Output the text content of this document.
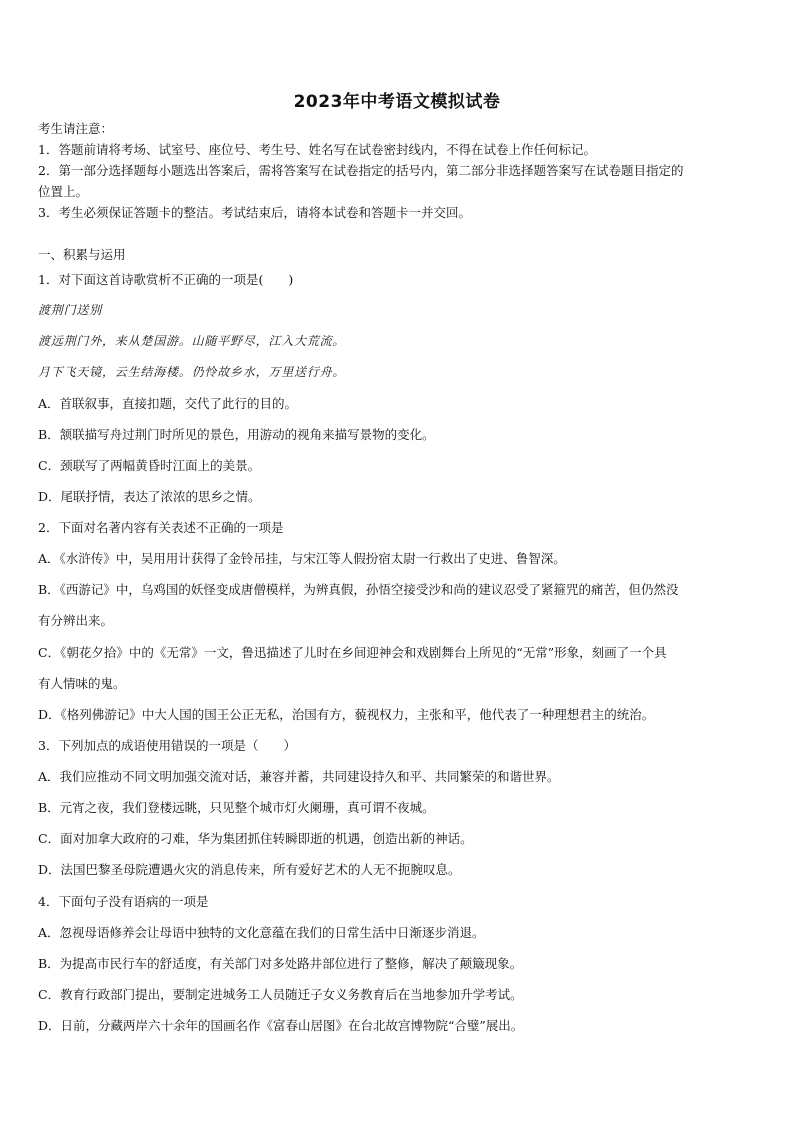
2023年中考语文模拟试卷
考生请注意：
1．答题前请将考场、试室号、座位号、考生号、姓名写在试卷密封线内，不得在试卷上作任何标记。
2．第一部分选择题每小题选出答案后，需将答案写在试卷指定的括号内，第二部分非选择题答案写在试卷题目指定的
位置上。
3．考生必须保证答题卡的整洁。考试结束后，请将本试卷和答题卡一并交回。
一、积累与运用
1．对下面这首诗歌赏析不正确的一项是(　　)
渡荆门送别
渡远荆门外，来从楚国游。山随平野尽，江入大荒流。
月下飞天镜，云生结海楼。仍怜故乡水，万里送行舟。
A．首联叙事，直接扣题，交代了此行的目的。
B．颔联描写舟过荆门时所见的景色，用游动的视角来描写景物的变化。
C．颈联写了两幅黄昏时江面上的美景。
D．尾联抒情，表达了浓浓的思乡之情。
2．下面对名著内容有关表述不正确的一项是
A．《水浒传》中，吴用用计获得了金铃吊挂，与宋江等人假扮宿太尉一行救出了史进、鲁智深。
B．《西游记》中，乌鸡国的妖怪变成唐僧模样，为辨真假，孙悟空接受沙和尚的建议忍受了紧箍咒的痛苦，但仍然没
有分辨出来。
C．《朝花夕拾》中的《无常》一文，鲁迅描述了儿时在乡间迎神会和戏剧舞台上所见的“无常”形象，刻画了一个具
有人情味的鬼。
D．《格列佛游记》中大人国的国王公正无私，治国有方，藐视权力，主张和平，他代表了一种理想君主的统治。
3．下列加点的成语使用错误的一项是（　　）
A．我们应推动不同文明加强交流对话，兼容并蓄，共同建设持久和平、共同繁荣的和谐世界。
B．元宵之夜，我们登楼远眺，只见整个城市灯火阑珊，真可谓不夜城。
C．面对加拿大政府的刁难，华为集团抓住转瞬即逝的机遇，创造出新的神话。
D．法国巴黎圣母院遭遇火灾的消息传来，所有爱好艺术的人无不扼腕叹息。
4．下面句子没有语病的一项是
A．忽视母语修养会让母语中独特的文化意蕴在我们的日常生活中日渐逐步消退。
B．为提高市民行车的舒适度，有关部门对多处路井部位进行了整修，解决了颠簸现象。
C．教育行政部门提出，要制定进城务工人员随迁子女义务教育后在当地参加升学考试。
D．日前，分藏两岸六十余年的国画名作《富春山居图》在台北故宫博物院“合璧”展出。
